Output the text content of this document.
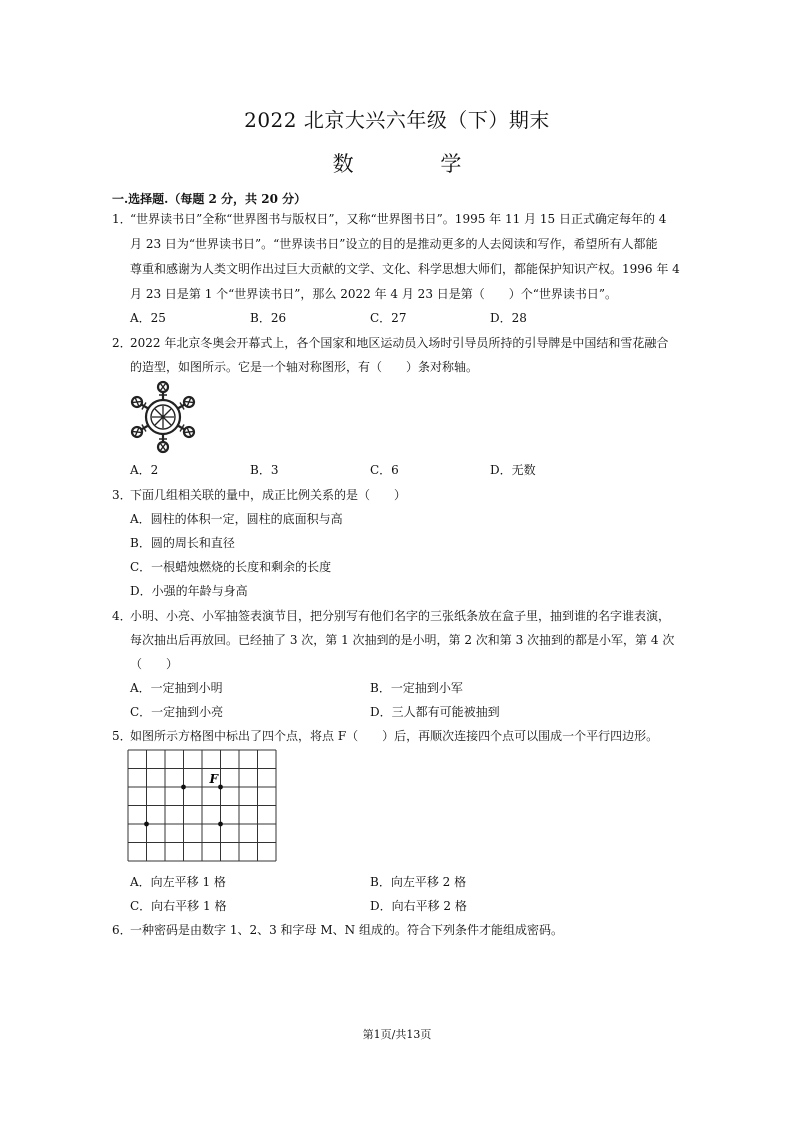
2022 北京大兴六年级（下）期末
数 学
一.选择题.（每题 2 分，共 20 分）
1．
“世界读书日”全称“世界图书与版权日”，又称“世界图书日”。1995 年 11 月 15 日正式确定每年的 4
月 23 日为“世界读书日”。“世界读书日”设立的目的是推动更多的人去阅读和写作，希望所有人都能
尊重和感谢为人类文明作出过巨大贡献的文学、文化、科学思想大师们，都能保护知识产权。1996 年 4
月 23 日是第 1 个“世界读书日”，那么 2022 年 4 月 23 日是第（　　）个“世界读书日”。
A．25	B．26	C．27	D．28
2．
2022 年北京冬奥会开幕式上，各个国家和地区运动员入场时引导员所持的引导牌是中国结和雪花融合
的造型，如图所示。它是一个轴对称图形，有（　　）条对称轴。
A．2	B．3	C．6	D．无数
3．
下面几组相关联的量中，成正比例关系的是（　　）
A．圆柱的体积一定，圆柱的底面积与高
B．圆的周长和直径
C．一根蜡烛燃烧的长度和剩余的长度
D．小强的年龄与身高
4．
小明、小亮、小军抽签表演节目，把分别写有他们名字的三张纸条放在盒子里，抽到谁的名字谁表演，
每次抽出后再放回。已经抽了 3 次，第 1 次抽到的是小明，第 2 次和第 3 次抽到的都是小军，第 4 次
（　　）
A．一定抽到小明	B．一定抽到小军
C．一定抽到小亮	D．三人都有可能被抽到
5．
如图所示方格图中标出了四个点，将点 F（　　）后，再顺次连接四个点可以围成一个平行四边形。
F
A．向左平移 1 格	B．向左平移 2 格
C．向右平移 1 格	D．向右平移 2 格
6．
一种密码是由数字 1、2、3 和字母 M、N 组成的。符合下列条件才能组成密码。
第1页/共13页
